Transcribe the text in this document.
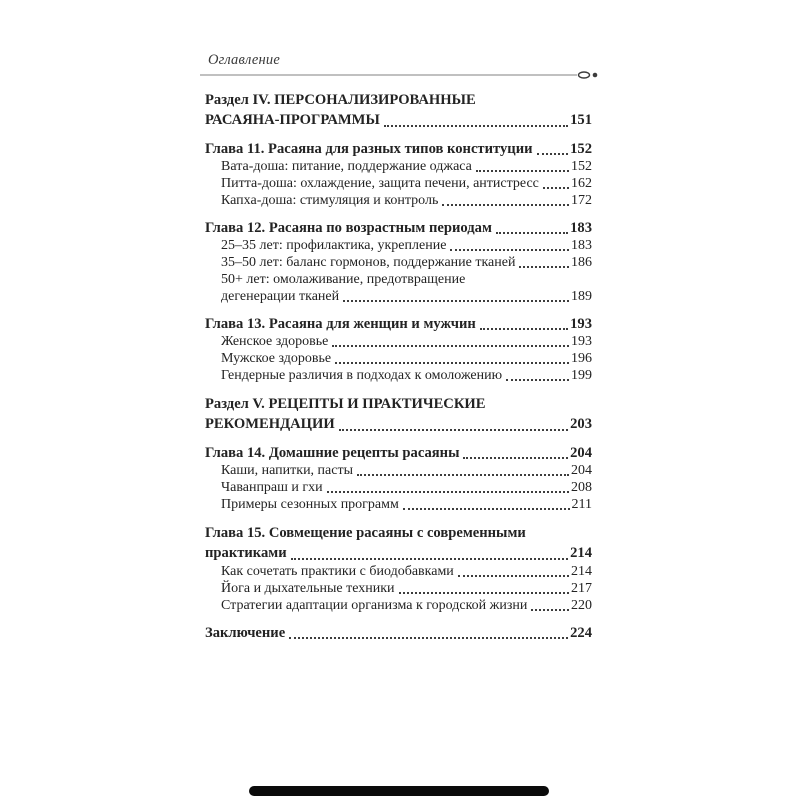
Оглавление
Раздел IV. ПЕРСОНАЛИЗИРОВАННЫЕ
РАСАЯНА-ПРОГРАММЫ	151
Глава 11. Расаяна для разных типов конституции	152
Вата-доша: питание, поддержание оджаса	152
Питта-доша: охлаждение, защита печени, антистресс 162
Капха-доша: стимуляция и контроль	172
Глава 12. Расаяна по возрастным периодам	183
25–35 лет: профилактика, укрепление	183
35–50 лет: баланс гормонов, поддержание тканей	186
50+ лет: омолаживание, предотвращение
дегенерации тканей	189
Глава 13. Расаяна для женщин и мужчин	193
Женское здоровье	193
Мужское здоровье	196
Гендерные различия в подходах к омоложению	199
Раздел V. РЕЦЕПТЫ И ПРАКТИЧЕСКИЕ
РЕКОМЕНДАЦИИ	203
Глава 14. Домашние рецепты расаяны	204
Каши, напитки, пасты	204
Чаванпраш и гхи	208
Примеры сезонных программ	211
Глава 15. Совмещение расаяны с современными
практиками	214
Как сочетать практики с биодобавками	214
Йога и дыхательные техники	217
Стратегии адаптации организма к городской жизни	220
Заключение	224
